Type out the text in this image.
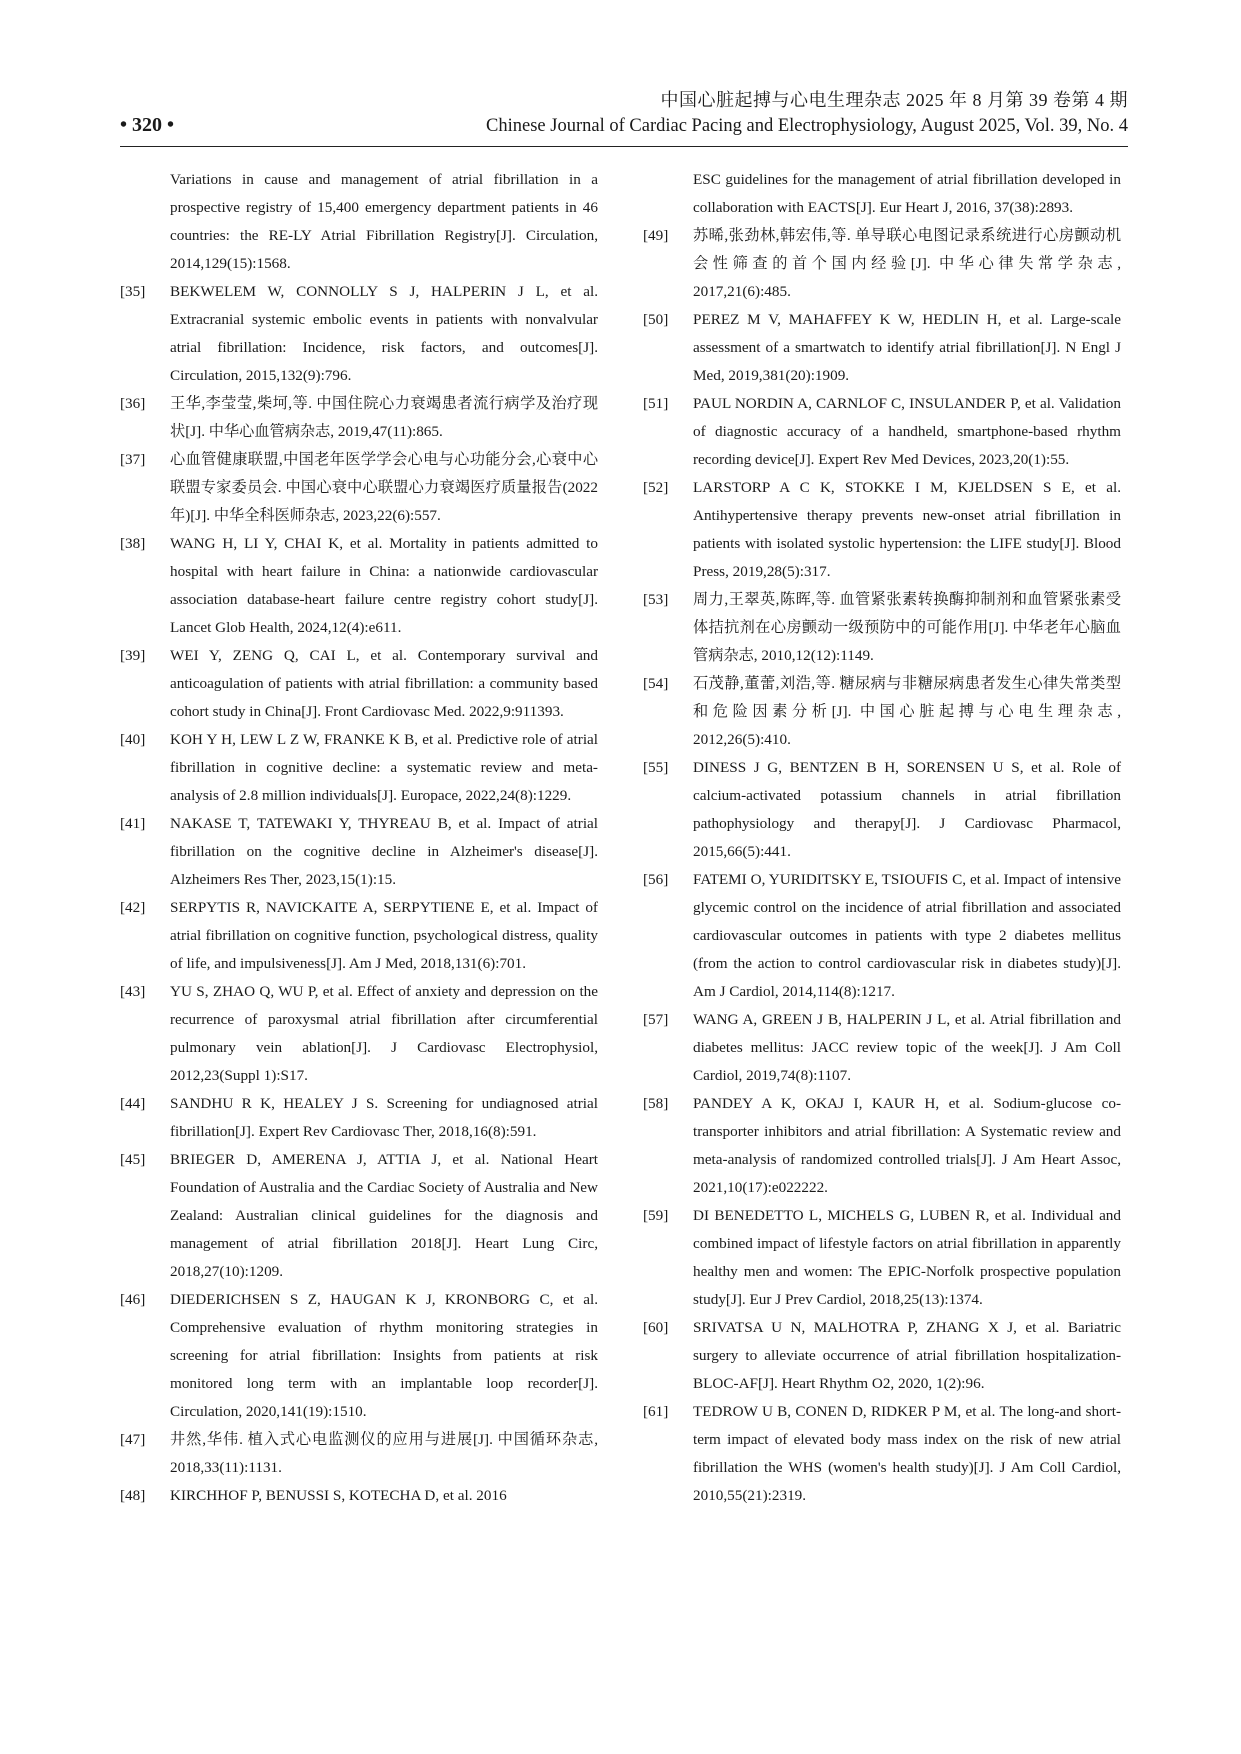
中国心脏起搏与心电生理杂志 2025 年 8 月第 39 卷第 4 期
• 320 •	Chinese Journal of Cardiac Pacing and Electrophysiology, August 2025, Vol. 39, No. 4
Variations in cause and management of atrial fibrillation in a prospective registry of 15,400 emergency department patients in 46 countries: the RE-LY Atrial Fibrillation Registry[J]. Circulation, 2014,129(15):1568.
[35]	BEKWELEM W, CONNOLLY S J, HALPERIN J L, et al. Extracranial systemic embolic events in patients with nonvalvular atrial fibrillation: Incidence, risk factors, and outcomes[J]. Circulation, 2015,132(9):796.
[36]	王华,李莹莹,柴坷,等. 中国住院心力衰竭患者流行病学及治疗现状[J]. 中华心血管病杂志, 2019,47(11):865.
[37]	心血管健康联盟,中国老年医学学会心电与心功能分会,心衰中心联盟专家委员会. 中国心衰中心联盟心力衰竭医疗质量报告(2022年)[J]. 中华全科医师杂志, 2023,22(6):557.
[38]	WANG H, LI Y, CHAI K, et al. Mortality in patients admitted to hospital with heart failure in China: a nationwide cardiovascular association database-heart failure centre registry cohort study[J]. Lancet Glob Health, 2024,12(4):e611.
[39]	WEI Y, ZENG Q, CAI L, et al. Contemporary survival and anticoagulation of patients with atrial fibrillation: a community based cohort study in China[J]. Front Cardiovasc Med. 2022,9:911393.
[40]	KOH Y H, LEW L Z W, FRANKE K B, et al. Predictive role of atrial fibrillation in cognitive decline: a systematic review and meta-analysis of 2.8 million individuals[J]. Europace, 2022,24(8):1229.
[41]	NAKASE T, TATEWAKI Y, THYREAU B, et al. Impact of atrial fibrillation on the cognitive decline in Alzheimer's disease[J]. Alzheimers Res Ther, 2023,15(1):15.
[42]	SERPYTIS R, NAVICKAITE A, SERPYTIENE E, et al. Impact of atrial fibrillation on cognitive function, psychological distress, quality of life, and impulsiveness[J]. Am J Med, 2018,131(6):701.
[43]	YU S, ZHAO Q, WU P, et al. Effect of anxiety and depression on the recurrence of paroxysmal atrial fibrillation after circumferential pulmonary vein ablation[J]. J Cardiovasc Electrophysiol, 2012,23(Suppl 1):S17.
[44]	SANDHU R K, HEALEY J S. Screening for undiagnosed atrial fibrillation[J]. Expert Rev Cardiovasc Ther, 2018,16(8):591.
[45]	BRIEGER D, AMERENA J, ATTIA J, et al. National Heart Foundation of Australia and the Cardiac Society of Australia and New Zealand: Australian clinical guidelines for the diagnosis and management of atrial fibrillation 2018[J]. Heart Lung Circ, 2018,27(10):1209.
[46]	DIEDERICHSEN S Z, HAUGAN K J, KRONBORG C, et al. Comprehensive evaluation of rhythm monitoring strategies in screening for atrial fibrillation: Insights from patients at risk monitored long term with an implantable loop recorder[J]. Circulation, 2020,141(19):1510.
[47]	井然,华伟. 植入式心电监测仪的应用与进展[J]. 中国循环杂志, 2018,33(11):1131.
[48]	KIRCHHOF P, BENUSSI S, KOTECHA D, et al. 2016
ESC guidelines for the management of atrial fibrillation developed in collaboration with EACTS[J]. Eur Heart J, 2016, 37(38):2893.
[49]	苏晞,张劲林,韩宏伟,等. 单导联心电图记录系统进行心房颤动机会性筛查的首个国内经验[J]. 中华心律失常学杂志, 2017,21(6):485.
[50]	PEREZ M V, MAHAFFEY K W, HEDLIN H, et al. Large-scale assessment of a smartwatch to identify atrial fibrillation[J]. N Engl J Med, 2019,381(20):1909.
[51]	PAUL NORDIN A, CARNLOF C, INSULANDER P, et al. Validation of diagnostic accuracy of a handheld, smartphone-based rhythm recording device[J]. Expert Rev Med Devices, 2023,20(1):55.
[52]	LARSTORP A C K, STOKKE I M, KJELDSEN S E, et al. Antihypertensive therapy prevents new-onset atrial fibrillation in patients with isolated systolic hypertension: the LIFE study[J]. Blood Press, 2019,28(5):317.
[53]	周力,王翠英,陈晖,等. 血管紧张素转换酶抑制剂和血管紧张素受体拮抗剂在心房颤动一级预防中的可能作用[J]. 中华老年心脑血管病杂志, 2010,12(12):1149.
[54]	石茂静,董蕾,刘浩,等. 糖尿病与非糖尿病患者发生心律失常类型和危险因素分析[J]. 中国心脏起搏与心电生理杂志, 2012,26(5):410.
[55]	DINESS J G, BENTZEN B H, SORENSEN U S, et al. Role of calcium-activated potassium channels in atrial fibrillation pathophysiology and therapy[J]. J Cardiovasc Pharmacol, 2015,66(5):441.
[56]	FATEMI O, YURIDITSKY E, TSIOUFIS C, et al. Impact of intensive glycemic control on the incidence of atrial fibrillation and associated cardiovascular outcomes in patients with type 2 diabetes mellitus (from the action to control cardiovascular risk in diabetes study)[J]. Am J Cardiol, 2014,114(8):1217.
[57]	WANG A, GREEN J B, HALPERIN J L, et al. Atrial fibrillation and diabetes mellitus: JACC review topic of the week[J]. J Am Coll Cardiol, 2019,74(8):1107.
[58]	PANDEY A K, OKAJ I, KAUR H, et al. Sodium-glucose co-transporter inhibitors and atrial fibrillation: A Systematic review and meta-analysis of randomized controlled trials[J]. J Am Heart Assoc, 2021,10(17):e022222.
[59]	DI BENEDETTO L, MICHELS G, LUBEN R, et al. Individual and combined impact of lifestyle factors on atrial fibrillation in apparently healthy men and women: The EPIC-Norfolk prospective population study[J]. Eur J Prev Cardiol, 2018,25(13):1374.
[60]	SRIVATSA U N, MALHOTRA P, ZHANG X J, et al. Bariatric surgery to alleviate occurrence of atrial fibrillation hospitalization-BLOC-AF[J]. Heart Rhythm O2, 2020, 1(2):96.
[61]	TEDROW U B, CONEN D, RIDKER P M, et al. The long-and short-term impact of elevated body mass index on the risk of new atrial fibrillation the WHS (women's health study)[J]. J Am Coll Cardiol, 2010,55(21):2319.
